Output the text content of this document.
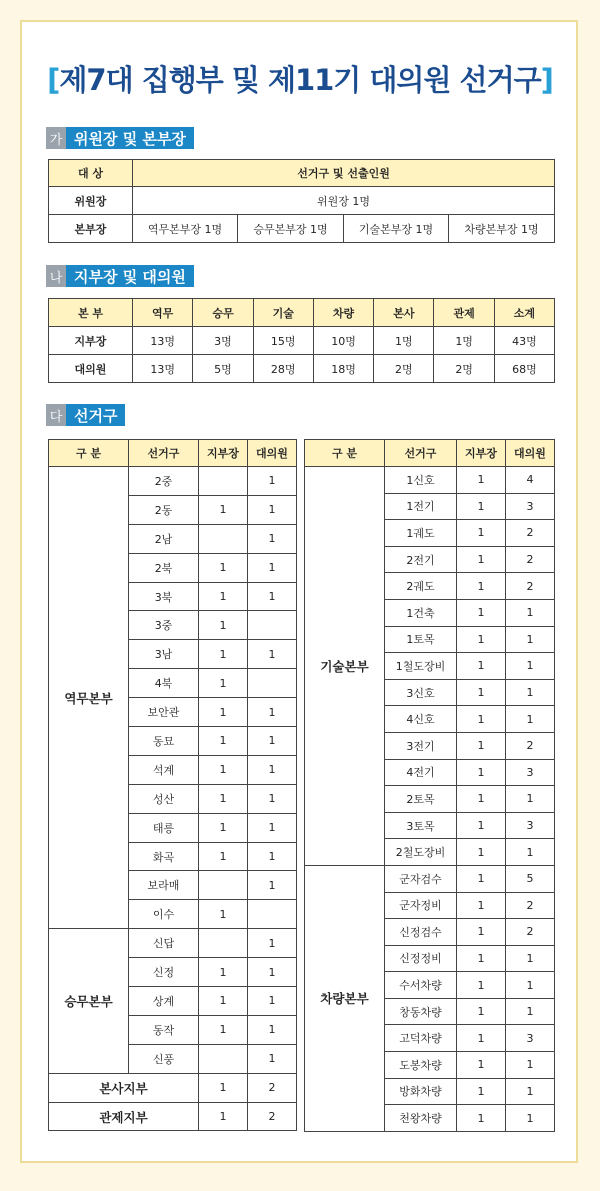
[제7대 집행부 및 제11기 대의원 선거구]
가 위원장 및 본부장
대 상	선거구 및 선출인원			
위원장	위원장 1명			
본부장	역무본부장 1명	승무본부장 1명	기술본부장 1명	차량본부장 1명
나 지부장 및 대의원
본 부	역무	승무	기술	차량	본사	관제	소계
지부장	13명	3명	15명	10명	1명	1명	43명
대의원	13명	5명	28명	18명	2명	2명	68명
다 선거구
구 분	선거구	지부장	대의원
역무본부	2중		1
	2동	1	1
	2남		1
	2북	1	1
	3북	1	1
	3중	1	
	3남	1	1
	4북	1	
	보안관	1	1
	동묘	1	1
	석계	1	1
	성산	1	1
	태릉	1	1
	화곡	1	1
	보라매		1
	이수	1	
승무본부	신답		1
	신정	1	1
	상계	1	1
	동작	1	1
	신풍		1
본사지부		1	2
관제지부		1	2
구 분	선거구	지부장	대의원
기술본부	1신호	1	4
	1전기	1	3
	1궤도	1	2
	2전기	1	2
	2궤도	1	2
	1건축	1	1
	1토목	1	1
	1철도장비	1	1
	3신호	1	1
	4신호	1	1
	3전기	1	2
	4전기	1	3
	2토목	1	1
	3토목	1	3
	2철도장비	1	1
차량본부	군자검수	1	5
	군자정비	1	2
	신정검수	1	2
	신정정비	1	1
	수서차량	1	1
	창동차량	1	1
	고덕차량	1	3
	도봉차량	1	1
	방화차량	1	1
	천왕차량	1	1
